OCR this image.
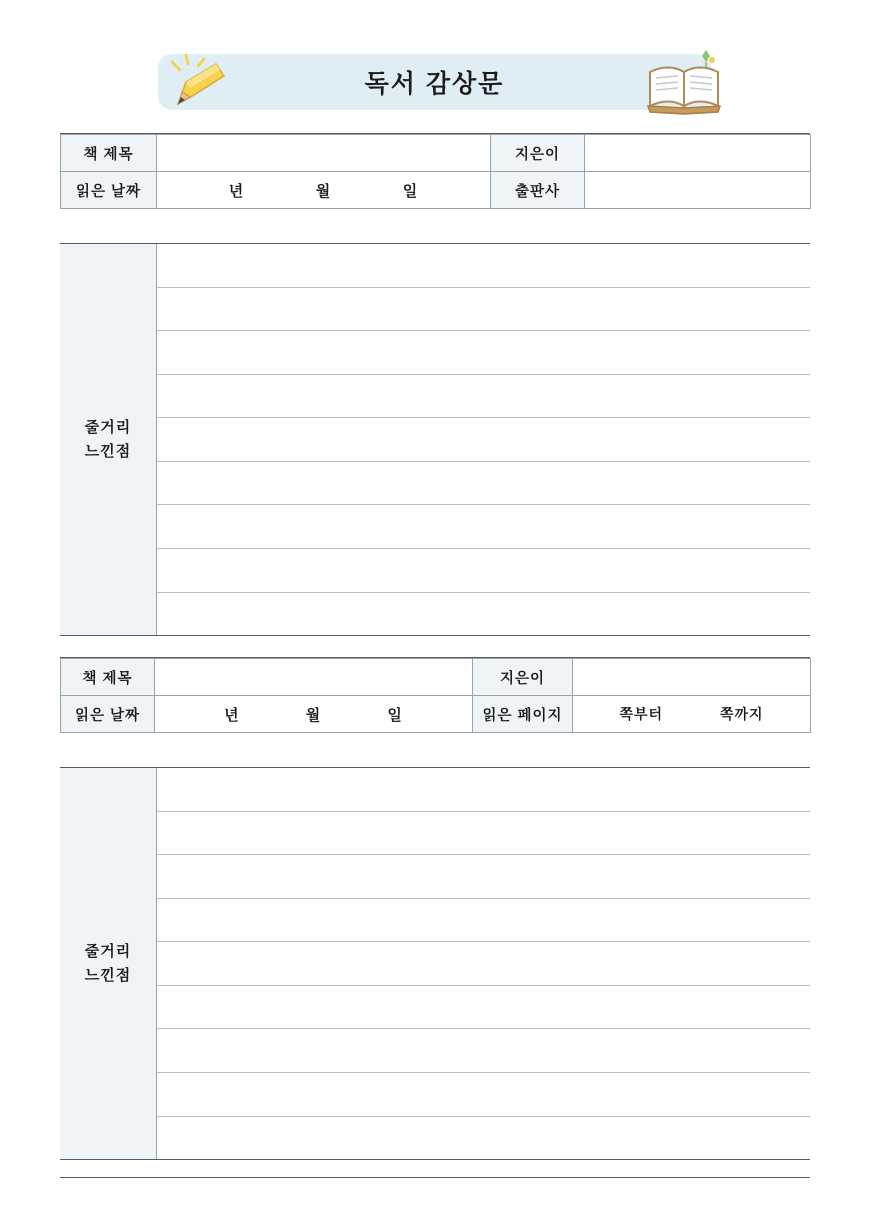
독서 감상문
책 제목		지은이	
읽은 날짜	년 월 일	출판사	
줄거리
느낀점
책 제목		지은이	
읽은 날짜	년 월 일	읽은 페이지	쪽부터 쪽까지
줄거리
느낀점
